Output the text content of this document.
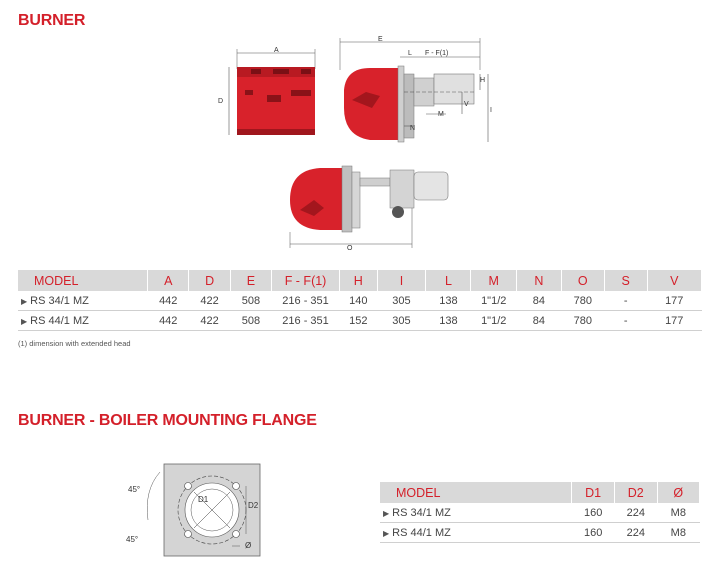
BURNER
A
D
E
L F - F(1)
H
V
I
M
N
O
MODEL	A	D	E	F - F(1)	H	I	L	M	N	O	S	V
▶ RS 34/1 MZ	442	422	508	216 - 351	140	305	138	1"1/2	84	780	-	177
▶ RS 44/1 MZ	442	422	508	216 - 351	152	305	138	1"1/2	84	780	-	177
(1) dimension with extended head
BURNER - BOILER MOUNTING FLANGE
D1
45°
45°
D2
Ø
MODEL	D1	D2	Ø
▶ RS 34/1 MZ	160	224	M8
▶ RS 44/1 MZ	160	224	M8
